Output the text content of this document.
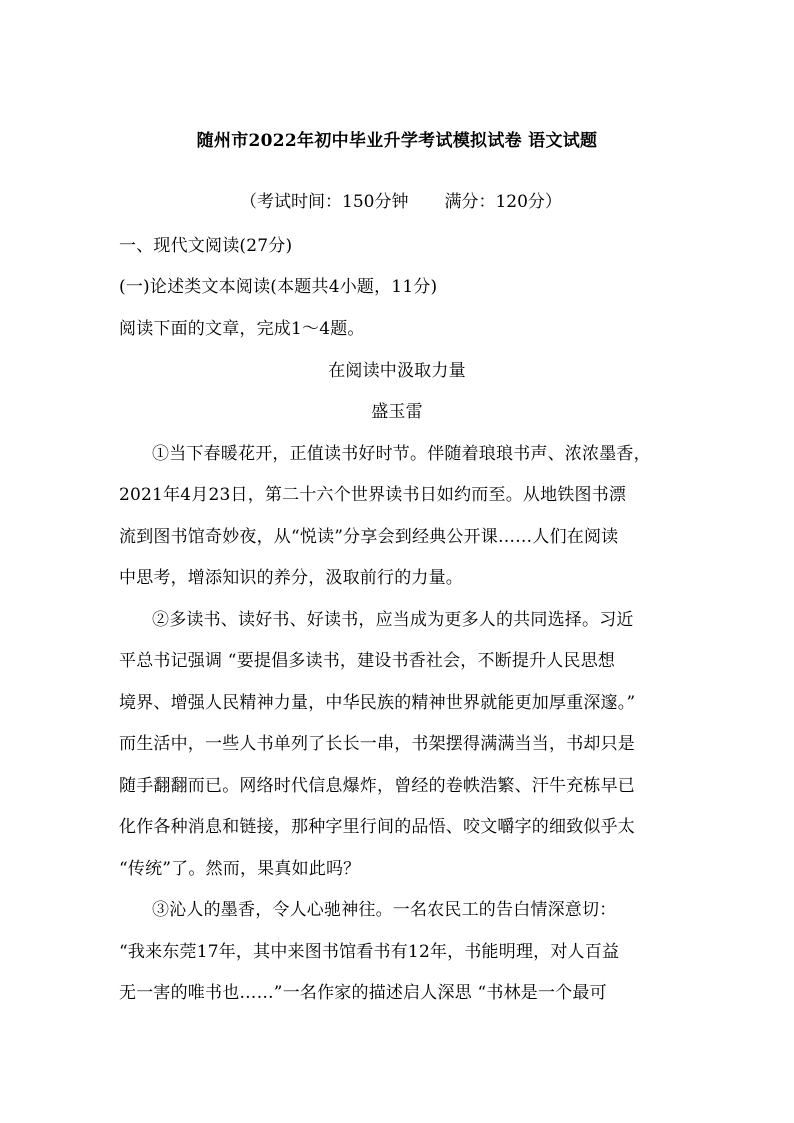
随州市2022年初中毕业升学考试模拟试卷 语文试题
（考试时间：150分钟 满分：120分）
一、现代文阅读(27分)
(一)论述类文本阅读(本题共4小题，11分)
阅读下面的文章，完成1～4题。
在阅读中汲取力量
盛玉雷
①当下春暖花开，正值读书好时节。伴随着琅琅书声、浓浓墨香，
2021年4月23日，第二十六个世界读书日如约而至。从地铁图书漂
流到图书馆奇妙夜，从“悦读”分享会到经典公开课……人们在阅读
中思考，增添知识的养分，汲取前行的力量。
②多读书、读好书、好读书，应当成为更多人的共同选择。习近
平总书记强调 “要提倡多读书，建设书香社会，不断提升人民思想
境界、增强人民精神力量，中华民族的精神世界就能更加厚重深邃。”
而生活中，一些人书单列了长长一串，书架摆得满满当当，书却只是
随手翻翻而已。网络时代信息爆炸，曾经的卷帙浩繁、汗牛充栋早已
化作各种消息和链接，那种字里行间的品悟、咬文嚼字的细致似乎太
“传统”了。然而，果真如此吗？
③沁人的墨香，令人心驰神往。一名农民工的告白情深意切：
“我来东莞17年，其中来图书馆看书有12年，书能明理，对人百益
无一害的唯书也……”一名作家的描述启人深思 “书林是一个最可
